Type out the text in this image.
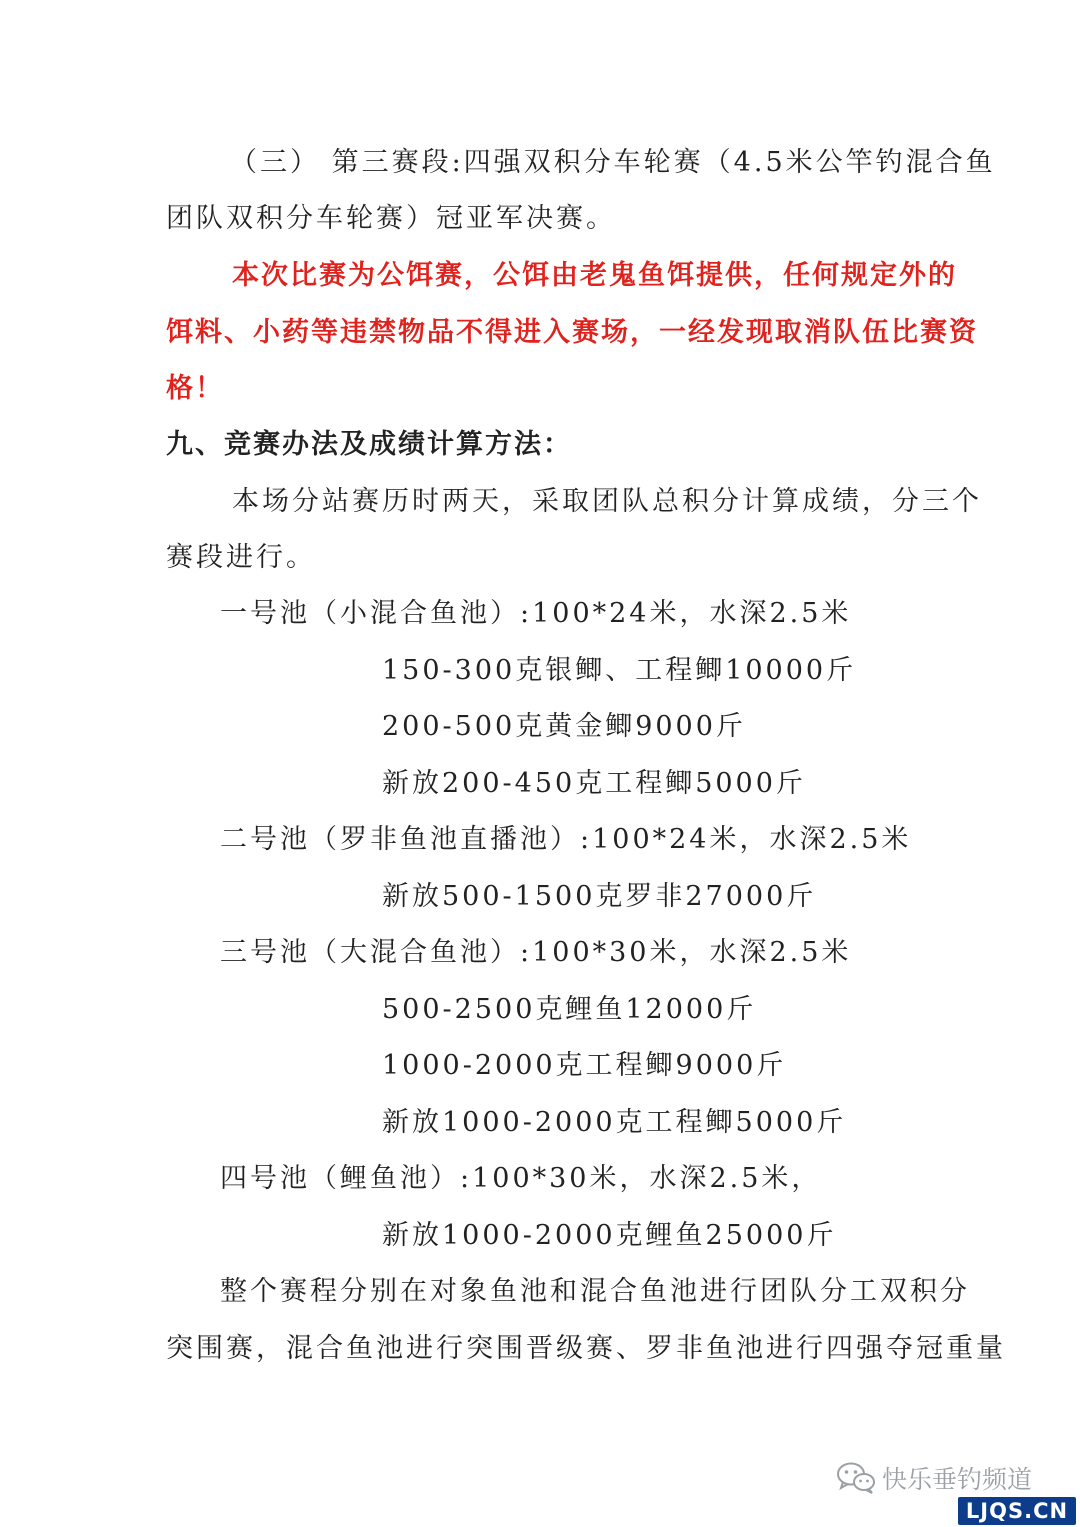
（三） 第三赛段:四强双积分车轮赛（4.5米公竿钓混合鱼
团队双积分车轮赛）冠亚军决赛。
本次比赛为公饵赛，公饵由老鬼鱼饵提供，任何规定外的
饵料、小药等违禁物品不得进入赛场，一经发现取消队伍比赛资
格！
九、竞赛办法及成绩计算方法：
本场分站赛历时两天，采取团队总积分计算成绩，分三个
赛段进行。
一号池（小混合鱼池）:100*24米，水深2.5米
150-300克银鲫、工程鲫10000斤
200-500克黄金鲫9000斤
新放200-450克工程鲫5000斤
二号池（罗非鱼池直播池）:100*24米，水深2.5米
新放500-1500克罗非27000斤
三号池（大混合鱼池）:100*30米，水深2.5米
500-2500克鲤鱼12000斤
1000-2000克工程鲫9000斤
新放1000-2000克工程鲫5000斤
四号池（鲤鱼池）:100*30米，水深2.5米，
新放1000-2000克鲤鱼25000斤
整个赛程分别在对象鱼池和混合鱼池进行团队分工双积分
突围赛，混合鱼池进行突围晋级赛、罗非鱼池进行四强夺冠重量
快乐垂钓频道
LJQS.CN
